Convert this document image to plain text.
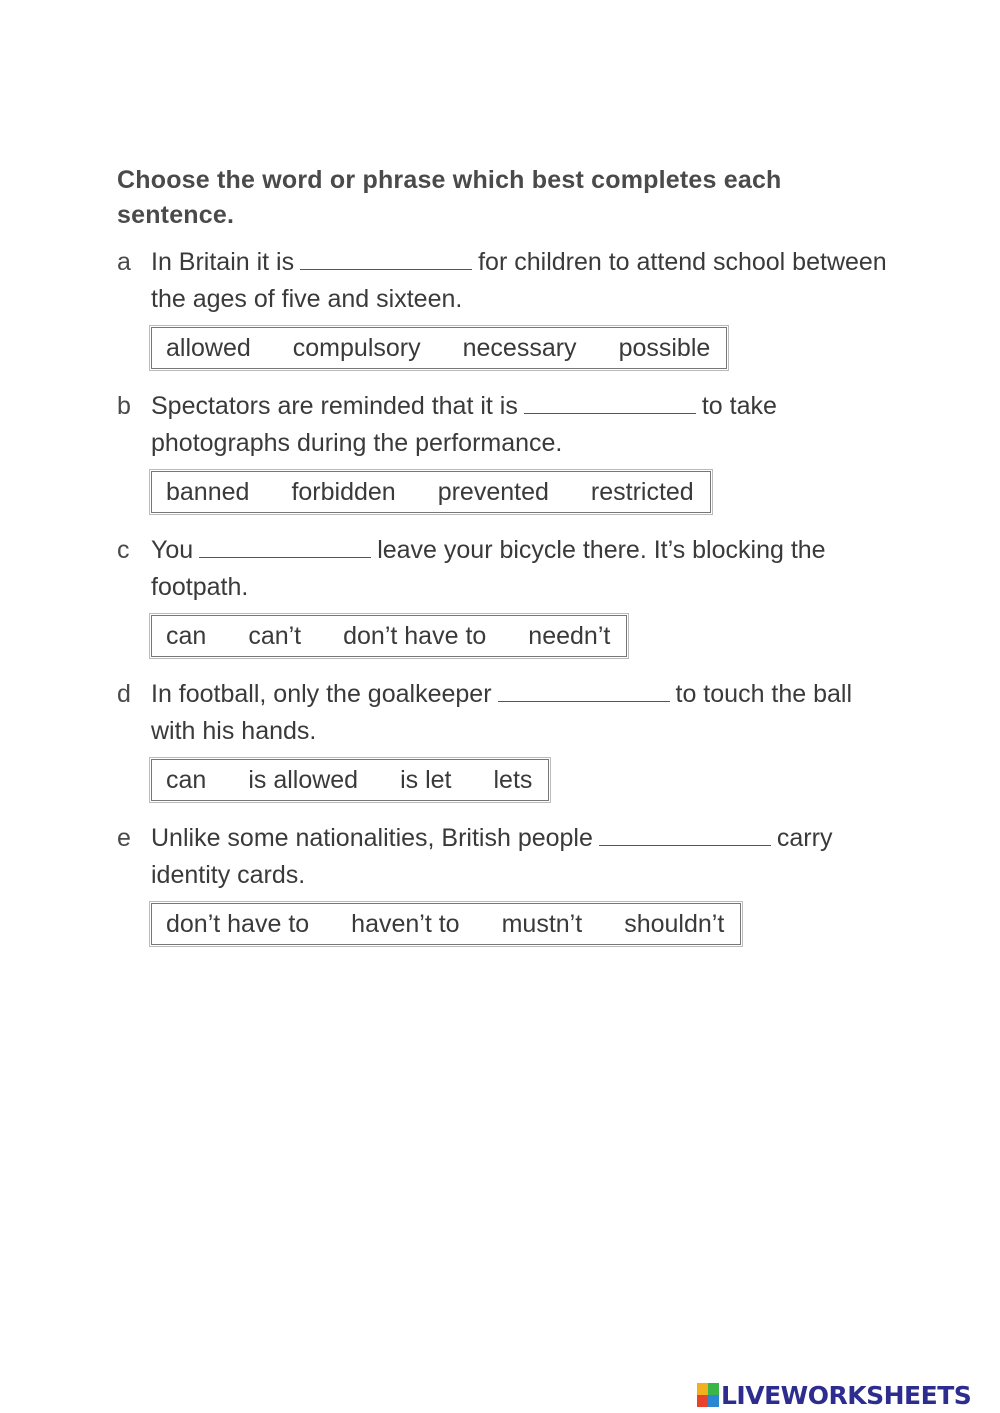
Choose the word or phrase which best completes each sentence.
a In Britain it is	for children to attend school between the ages of five and sixteen.
allowed compulsory necessary possible
b Spectators are reminded that it is	to take photographs during the performance.
banned forbidden prevented restricted
c You	leave your bicycle there. It’s blocking the footpath.
can can’t don’t have to needn’t
d In football, only the goalkeeper	to touch the ball with his hands.
can is allowed is let lets
e Unlike some nationalities, British people	carry identity cards.
don’t have to haven’t to mustn’t shouldn’t
LIVEWORKSHEETS
